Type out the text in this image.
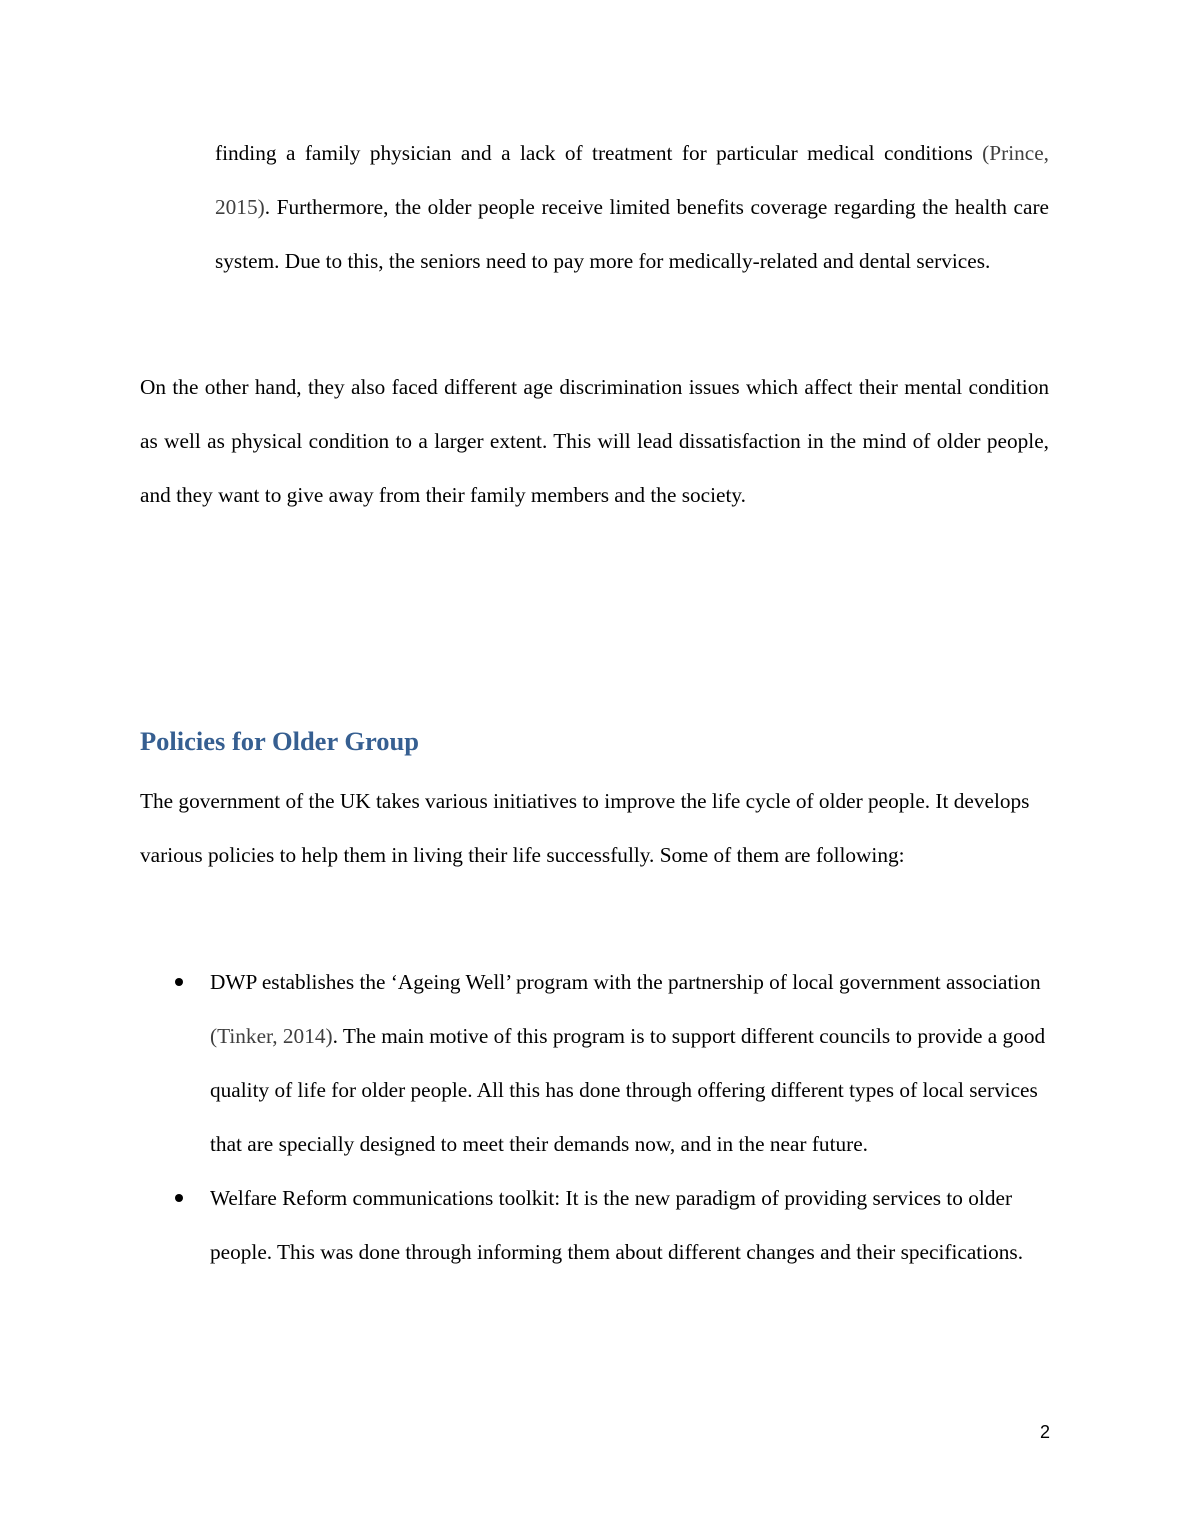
finding a family physician and a lack of treatment for particular medical conditions (Prince, 2015). Furthermore, the older people receive limited benefits coverage regarding the health care system. Due to this, the seniors need to pay more for medically-related and dental services.

On the other hand, they also faced different age discrimination issues which affect their mental condition as well as physical condition to a larger extent. This will lead dissatisfaction in the mind of older people, and they want to give away from their family members and the society.

Policies for Older Group

The government of the UK takes various initiatives to improve the life cycle of older people. It develops various policies to help them in living their life successfully. Some of them are following:

DWP establishes the ‘Ageing Well’ program with the partnership of local government association (Tinker, 2014). The main motive of this program is to support different councils to provide a good quality of life for older people. All this has done through offering different types of local services that are specially designed to meet their demands now, and in the near future.
Welfare Reform communications toolkit: It is the new paradigm of providing services to older people. This was done through informing them about different changes and their specifications.
2
